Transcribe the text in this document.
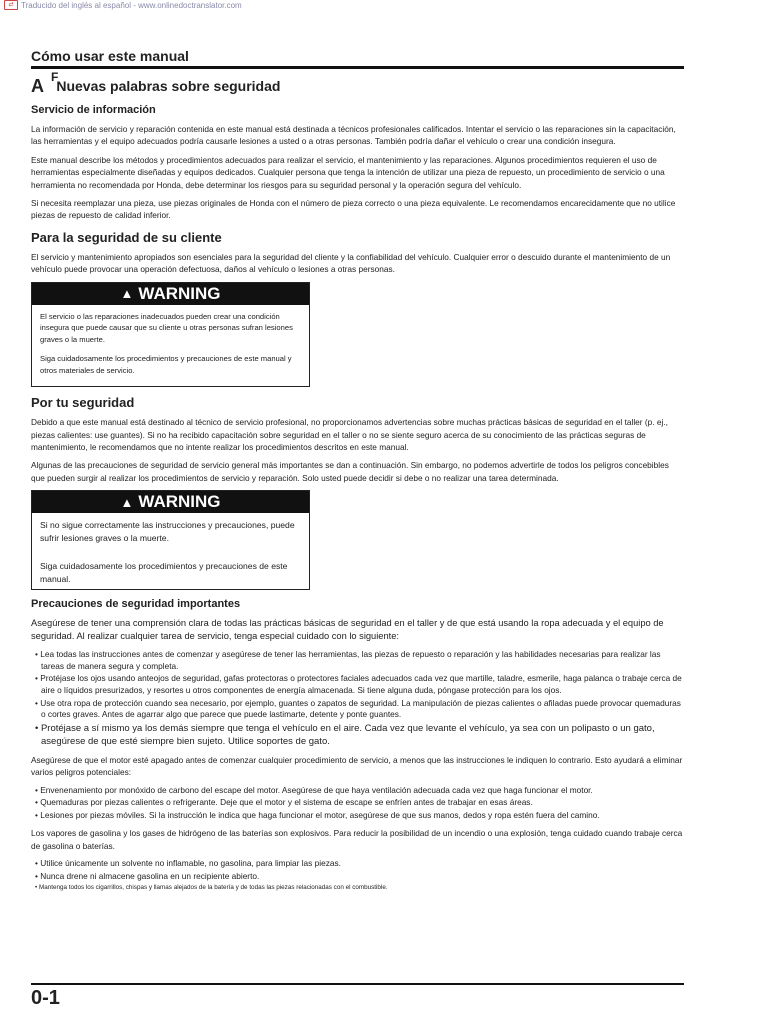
⇄ Traducido del inglés al español - www.onlinedoctranslator.com
Cómo usar este manual
A F
Nuevas palabras sobre seguridad
Servicio de información

La información de servicio y reparación contenida en este manual está destinada a técnicos profesionales calificados. Intentar el servicio o las reparaciones sin la capacitación, las herramientas y el equipo adecuados podría causarle lesiones a usted o a otras personas. También podría dañar el vehículo o crear una condición insegura.

Este manual describe los métodos y procedimientos adecuados para realizar el servicio, el mantenimiento y las reparaciones. Algunos procedimientos requieren el uso de herramientas especialmente diseñadas y equipos dedicados. Cualquier persona que tenga la intención de utilizar una pieza de repuesto, un procedimiento de servicio o una herramienta no recomendada por Honda, debe determinar los riesgos para su seguridad personal y la operación segura del vehículo.

Si necesita reemplazar una pieza, use piezas originales de Honda con el número de pieza correcto o una pieza equivalente. Le recomendamos encarecidamente que no utilice piezas de repuesto de calidad inferior.

Para la seguridad de su cliente

El servicio y mantenimiento apropiados son esenciales para la seguridad del cliente y la confiabilidad del vehículo. Cualquier error o descuido durante el mantenimiento de un vehículo puede provocar una operación defectuosa, daños al vehículo o lesiones a otras personas.

▲ WARNING

El servicio o las reparaciones inadecuados pueden crear una condición insegura que puede causar que su cliente u otras personas sufran lesiones graves o la muerte.

Siga cuidadosamente los procedimientos y precauciones de este manual y otros materiales de servicio.

Por tu seguridad

Debido a que este manual está destinado al técnico de servicio profesional, no proporcionamos advertencias sobre muchas prácticas básicas de seguridad en el taller (p. ej., piezas calientes: use guantes). Si no ha recibido capacitación sobre seguridad en el taller o no se siente seguro acerca de su conocimiento de las prácticas seguras de mantenimiento, le recomendamos que no intente realizar los procedimientos descritos en este manual.

Algunas de las precauciones de seguridad de servicio general más importantes se dan a continuación. Sin embargo, no podemos advertirle de todos los peligros concebibles que pueden surgir al realizar los procedimientos de servicio y reparación. Solo usted puede decidir si debe o no realizar una tarea determinada.

▲ WARNING

Si no sigue correctamente las instrucciones y precauciones, puede sufrir lesiones graves o la muerte.

Siga cuidadosamente los procedimientos y precauciones de este manual.

Precauciones de seguridad importantes

Asegúrese de tener una comprensión clara de todas las prácticas básicas de seguridad en el taller y de que está usando la ropa adecuada y el equipo de seguridad. Al realizar cualquier tarea de servicio, tenga especial cuidado con lo siguiente:

• Lea todas las instrucciones antes de comenzar y asegúrese de tener las herramientas, las piezas de repuesto o reparación y las habilidades necesarias para realizar las tareas de manera segura y completa.
• Protéjase los ojos usando anteojos de seguridad, gafas protectoras o protectores faciales adecuados cada vez que martille, taladre, esmerile, haga palanca o trabaje cerca de aire o líquidos presurizados, y resortes u otros componentes de energía almacenada. Si tiene alguna duda, póngase protección para los ojos.
• Use otra ropa de protección cuando sea necesario, por ejemplo, guantes o zapatos de seguridad. La manipulación de piezas calientes o afiladas puede provocar quemaduras o cortes graves. Antes de agarrar algo que parece que puede lastimarte, detente y ponte guantes.
• Protéjase a sí mismo ya los demás siempre que tenga el vehículo en el aire. Cada vez que levante el vehículo, ya sea con un polipasto o un gato, asegúrese de que esté siempre bien sujeto. Utilice soportes de gato.

Asegúrese de que el motor esté apagado antes de comenzar cualquier procedimiento de servicio, a menos que las instrucciones le indiquen lo contrario. Esto ayudará a eliminar varios peligros potenciales:

• Envenenamiento por monóxido de carbono del escape del motor. Asegúrese de que haya ventilación adecuada cada vez que haga funcionar el motor.
• Quemaduras por piezas calientes o refrigerante. Deje que el motor y el sistema de escape se enfríen antes de trabajar en esas áreas.
• Lesiones por piezas móviles. Si la instrucción le indica que haga funcionar el motor, asegúrese de que sus manos, dedos y ropa estén fuera del camino.

Los vapores de gasolina y los gases de hidrógeno de las baterías son explosivos. Para reducir la posibilidad de un incendio o una explosión, tenga cuidado cuando trabaje cerca de gasolina o baterías.

• Utilice únicamente un solvente no inflamable, no gasolina, para limpiar las piezas.
• Nunca drene ni almacene gasolina en un recipiente abierto.
• Mantenga todos los cigarrillos, chispas y llamas alejados de la batería y de todas las piezas relacionadas con el combustible.
0-1
